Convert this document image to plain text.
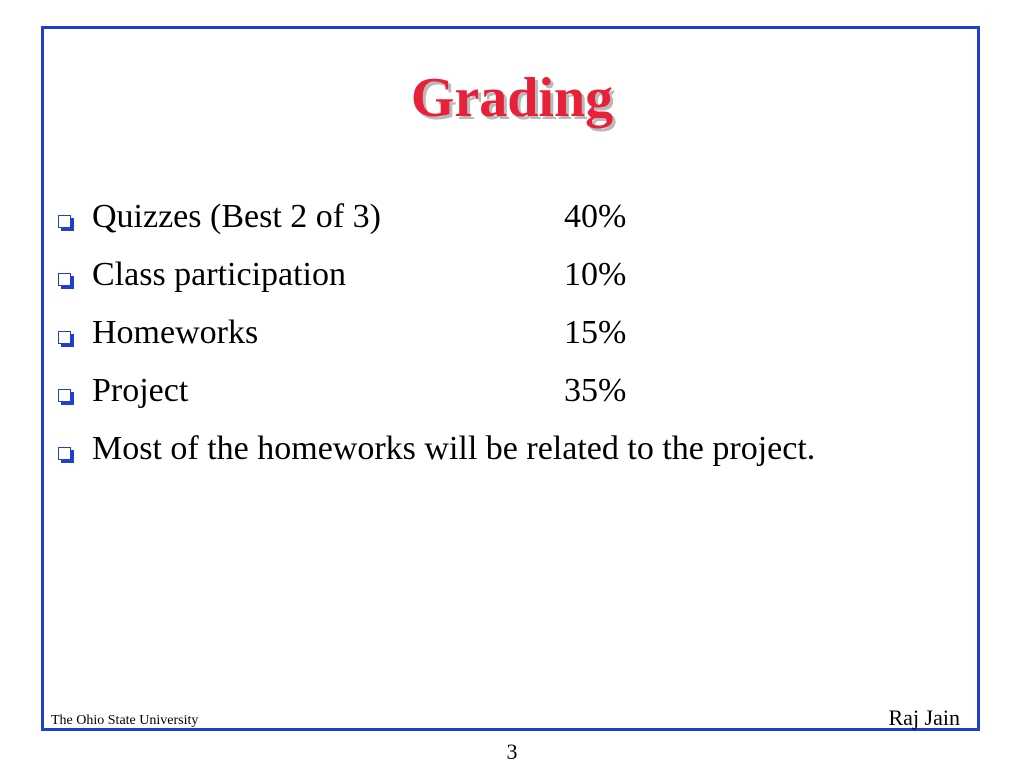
Grading
Quizzes (Best 2 of 3)	40%
Class participation	10%
Homeworks	15%
Project	35%
Most of the homeworks will be related to the project.
The Ohio State University	Raj Jain
3
